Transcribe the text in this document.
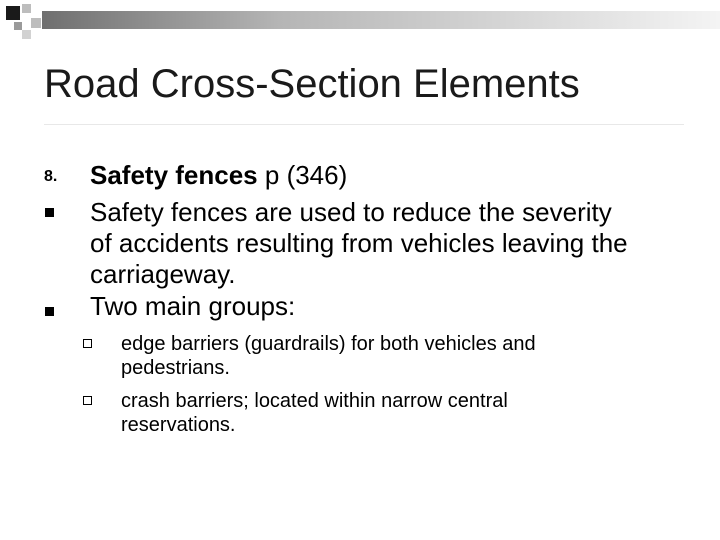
Road Cross-Section Elements
8. Safety fences p (346)
Safety fences are used to reduce the severity
of accidents resulting from vehicles leaving the
carriageway.
Two main groups:
edge barriers (guardrails) for both vehicles and
pedestrians.
crash barriers; located within narrow central
reservations.
